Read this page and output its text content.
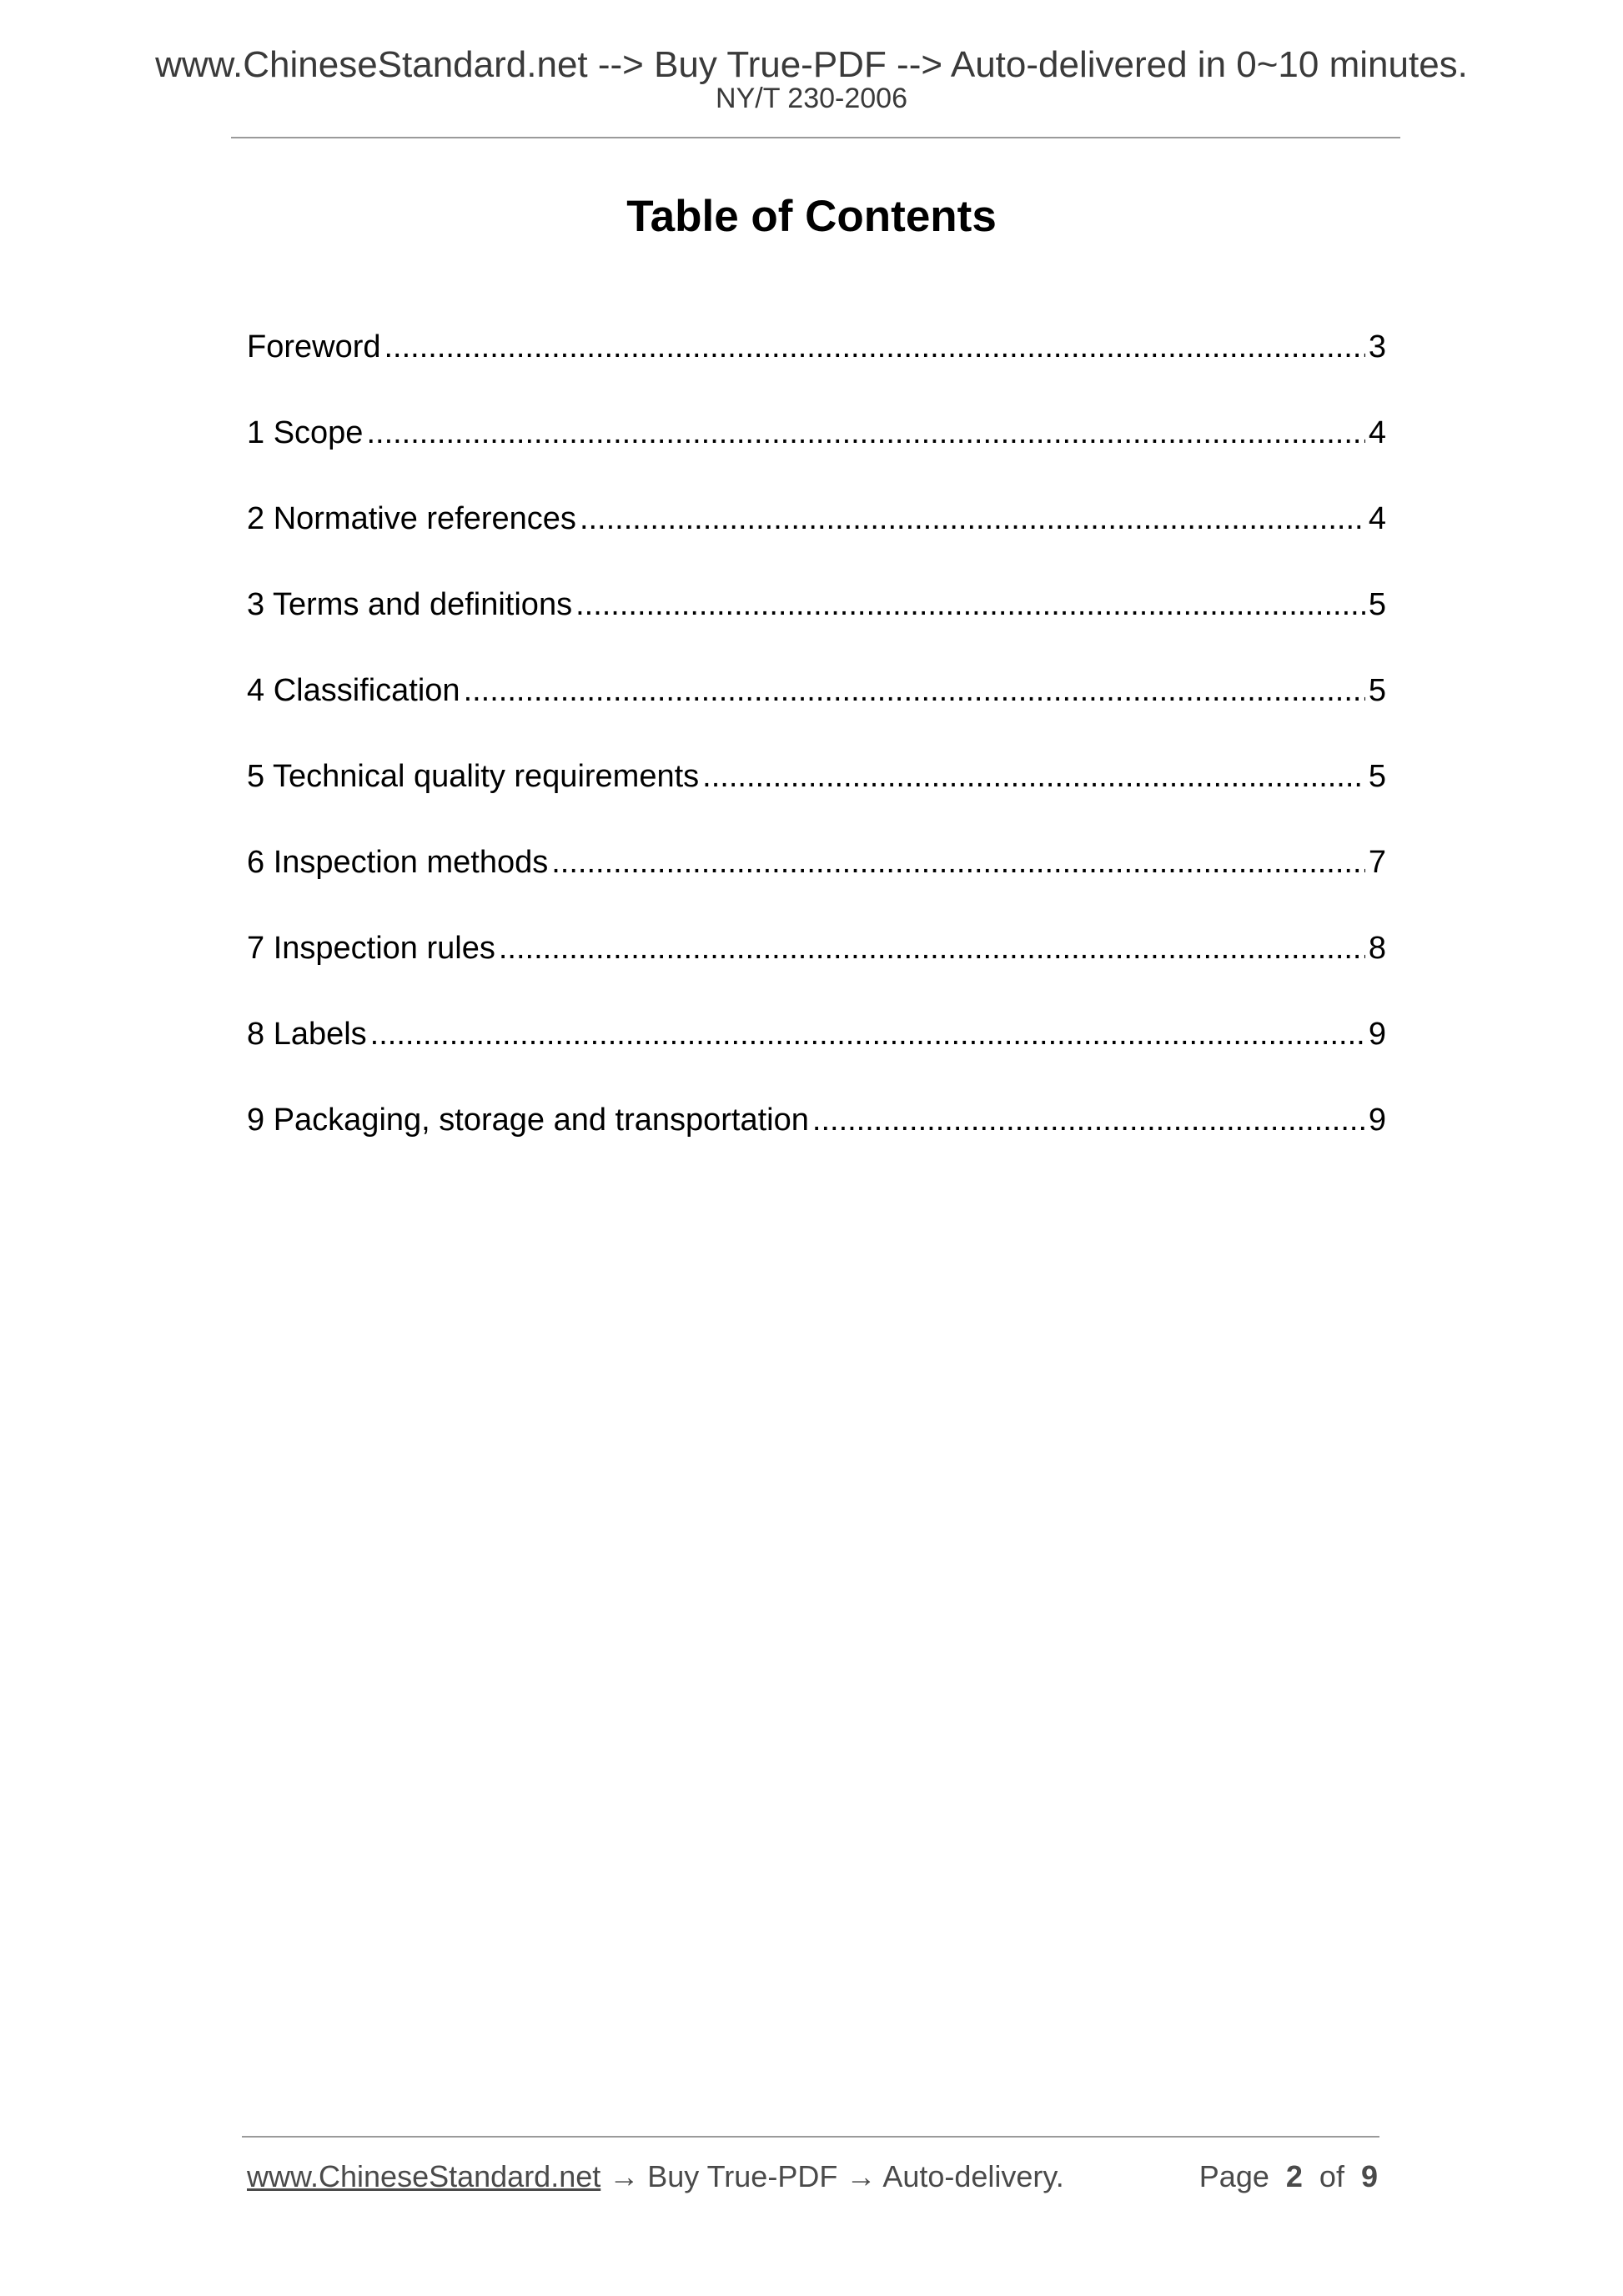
www.ChineseStandard.net --> Buy True-PDF --> Auto-delivered in 0~10 minutes.
NY/T 230-2006
Table of Contents
Foreword .....	3
1 Scope .....	4
2 Normative references .....	4
3 Terms and definitions .....	5
4 Classification .....	5
5 Technical quality requirements .....	5
6 Inspection methods .....	7
7 Inspection rules .....	8
8 Labels .....	9
9 Packaging, storage and transportation .....	9
www.ChineseStandard.net → Buy True-PDF → Auto-delivery.	Page 2 of 9
